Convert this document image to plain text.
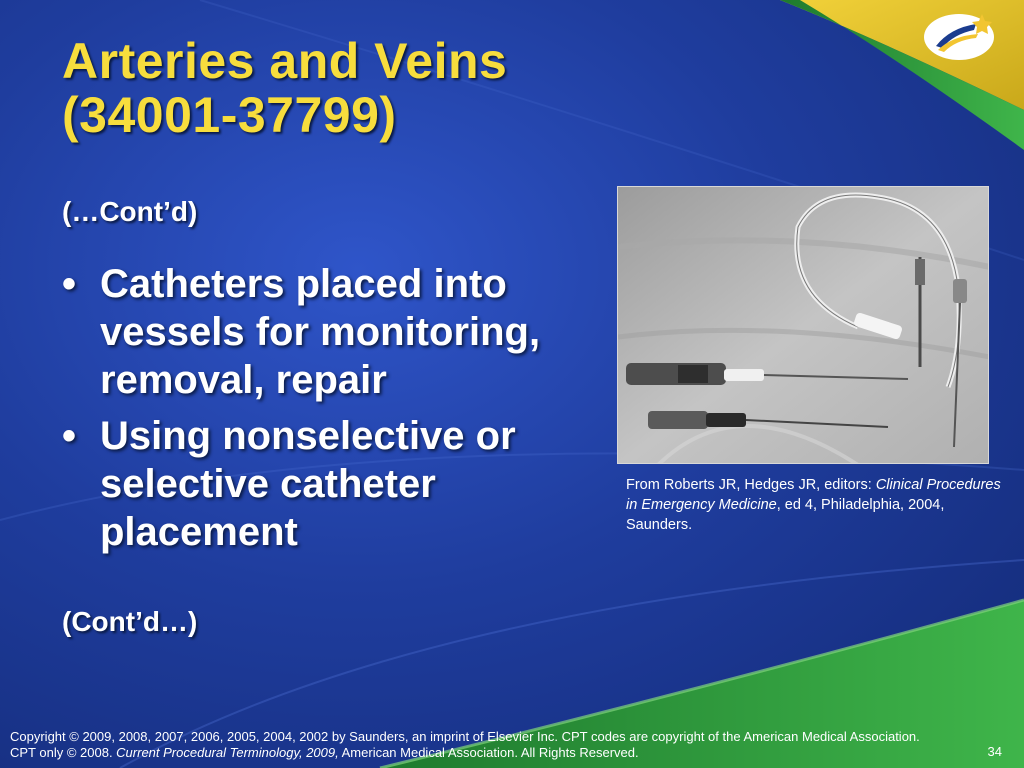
Arteries and Veins
(34001-37799)
(…Cont’d)
• Catheters placed into vessels for monitoring, removal, repair
• Using nonselective or selective catheter placement
(Cont’d…)
From Roberts JR, Hedges JR, editors: Clinical Procedures in Emergency Medicine, ed 4, Philadelphia, 2004, Saunders.
Copyright © 2009, 2008, 2007, 2006, 2005, 2004, 2002 by Saunders, an imprint of Elsevier Inc. CPT codes are copyright of the American Medical Association. CPT only © 2008. Current Procedural Terminology, 2009, American Medical Association. All Rights Reserved.	34
